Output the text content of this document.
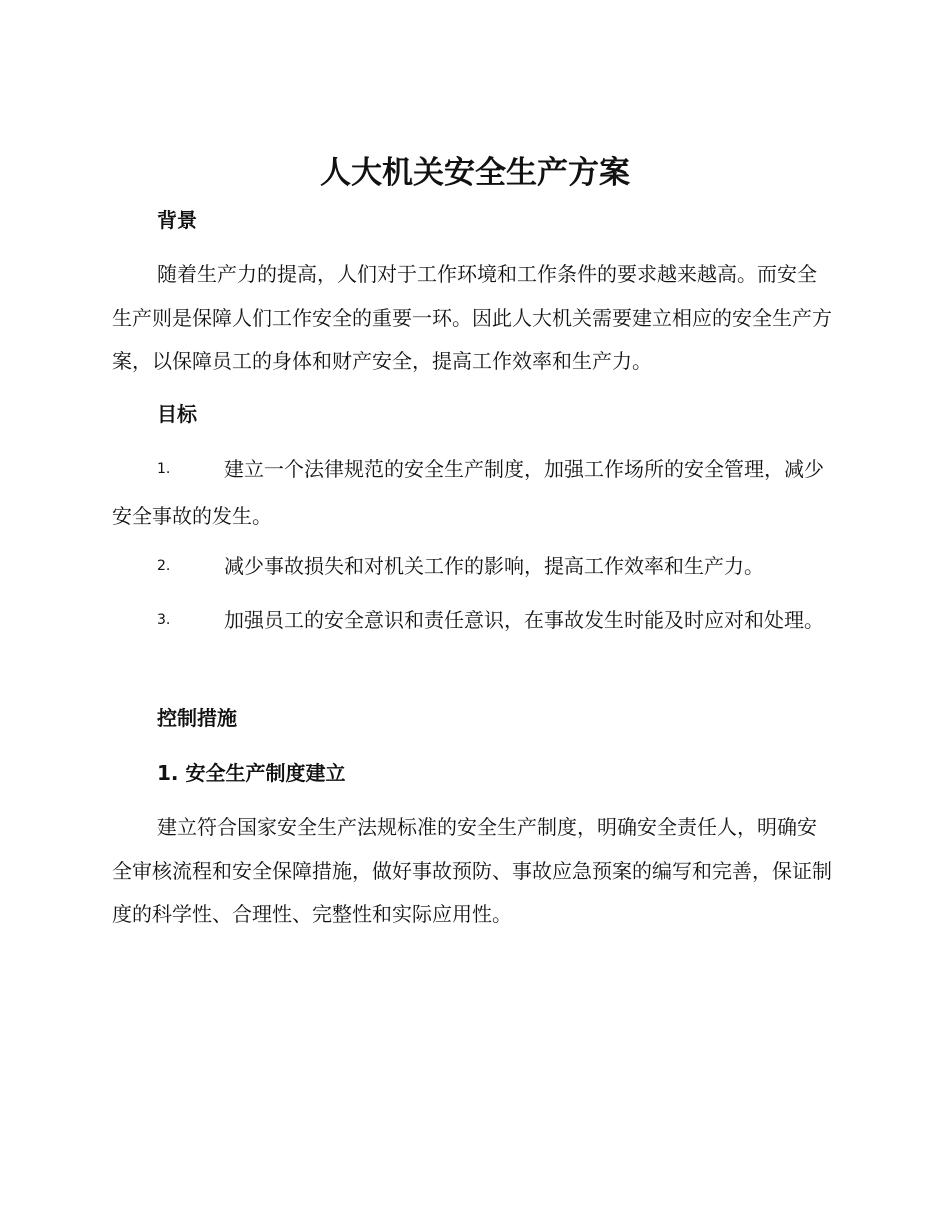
人大机关安全生产方案
背景

随着生产力的提高，人们对于工作环境和工作条件的要求越来越高。而安全生产则是保障人们工作安全的重要一环。因此人大机关需要建立相应的安全生产方案，以保障员工的身体和财产安全，提高工作效率和生产力。

目标

1.	建立一个法律规范的安全生产制度，加强工作场所的安全管理，减少安全事故的发生。

2.	减少事故损失和对机关工作的影响，提高工作效率和生产力。

3.	加强员工的安全意识和责任意识，在事故发生时能及时应对和处理。

控制措施
1. 安全生产制度建立

建立符合国家安全生产法规标准的安全生产制度，明确安全责任人，明确安全审核流程和安全保障措施，做好事故预防、事故应急预案的编写和完善，保证制度的科学性、合理性、完整性和实际应用性。
